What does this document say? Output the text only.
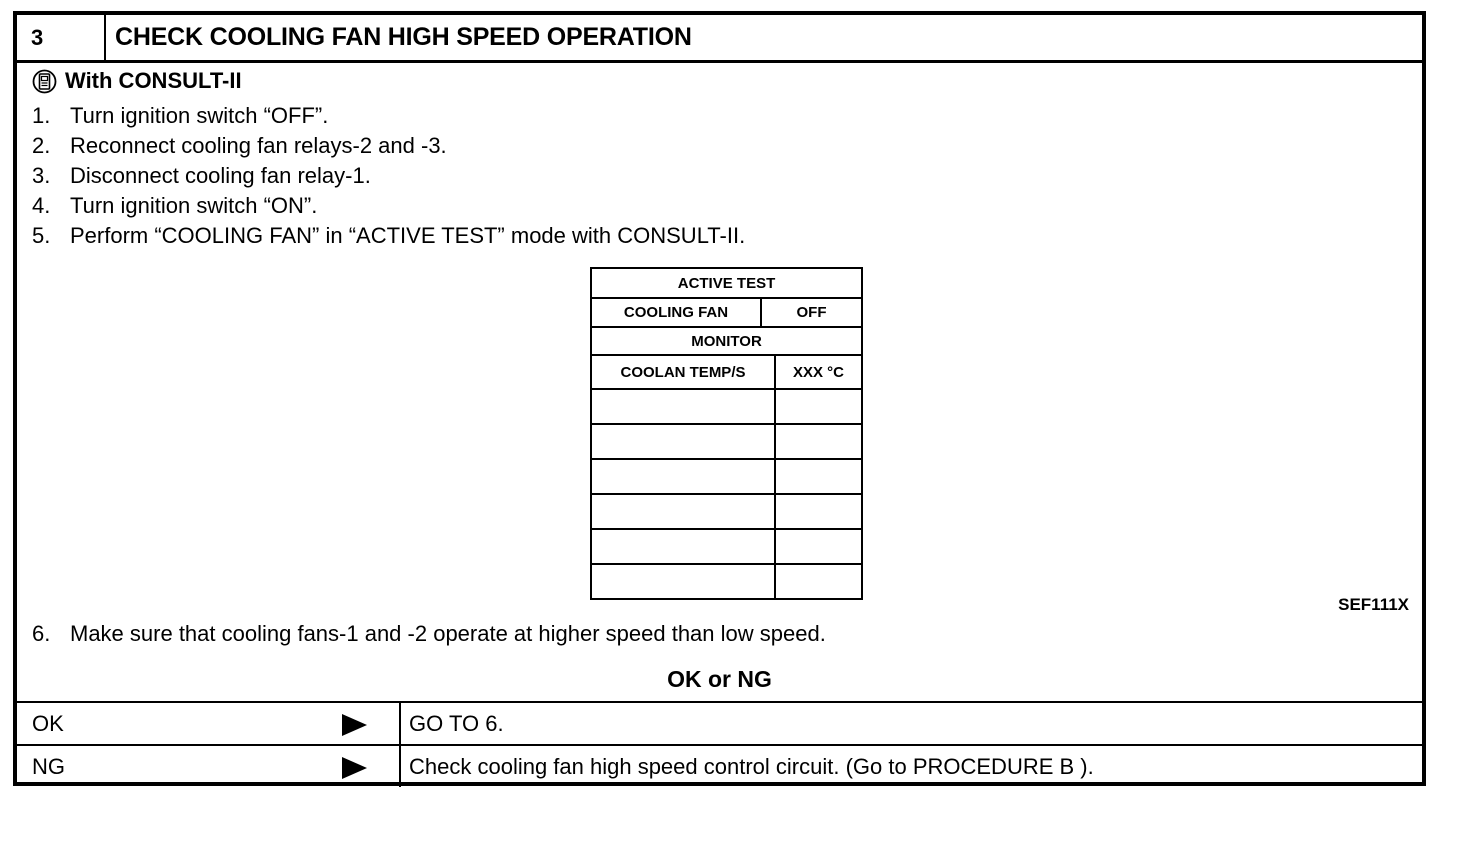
3	CHECK COOLING FAN HIGH SPEED OPERATION
With CONSULT-II
1. Turn ignition switch “OFF”.
2. Reconnect cooling fan relays-2 and -3.
3. Disconnect cooling fan relay-1.
4. Turn ignition switch “ON”.
5. Perform “COOLING FAN” in “ACTIVE TEST” mode with CONSULT-II.
ACTIVE TEST
COOLING FAN	OFF
MONITOR
COOLAN TEMP/S	XXX °C
SEF111X
6. Make sure that cooling fans-1 and -2 operate at higher speed than low speed.
OK or NG
OK	GO TO 6.
NG	Check cooling fan high speed control circuit. (Go to PROCEDURE B ).
